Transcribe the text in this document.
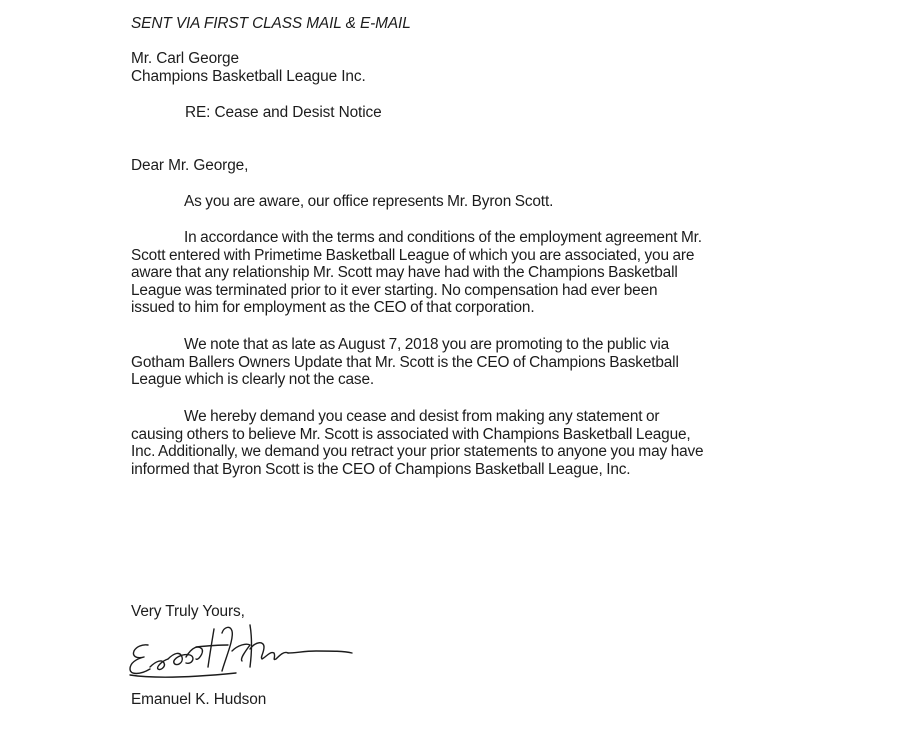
SENT VIA FIRST CLASS MAIL & E-MAIL
Mr. Carl George
Champions Basketball League Inc.
RE: Cease and Desist Notice
Dear Mr. George,
As you are aware, our office represents Mr. Byron Scott.
In accordance with the terms and conditions of the employment agreement Mr.
Scott entered with Primetime Basketball League of which you are associated, you are
aware that any relationship Mr. Scott may have had with the Champions Basketball
League was terminated prior to it ever starting. No compensation had ever been
issued to him for employment as the CEO of that corporation.
We note that as late as August 7, 2018 you are promoting to the public via
Gotham Ballers Owners Update that Mr. Scott is the CEO of Champions Basketball
League which is clearly not the case.
We hereby demand you cease and desist from making any statement or
causing others to believe Mr. Scott is associated with Champions Basketball League,
Inc. Additionally, we demand you retract your prior statements to anyone you may have
informed that Byron Scott is the CEO of Champions Basketball League, Inc.
Very Truly Yours,
Emanuel K. Hudson
